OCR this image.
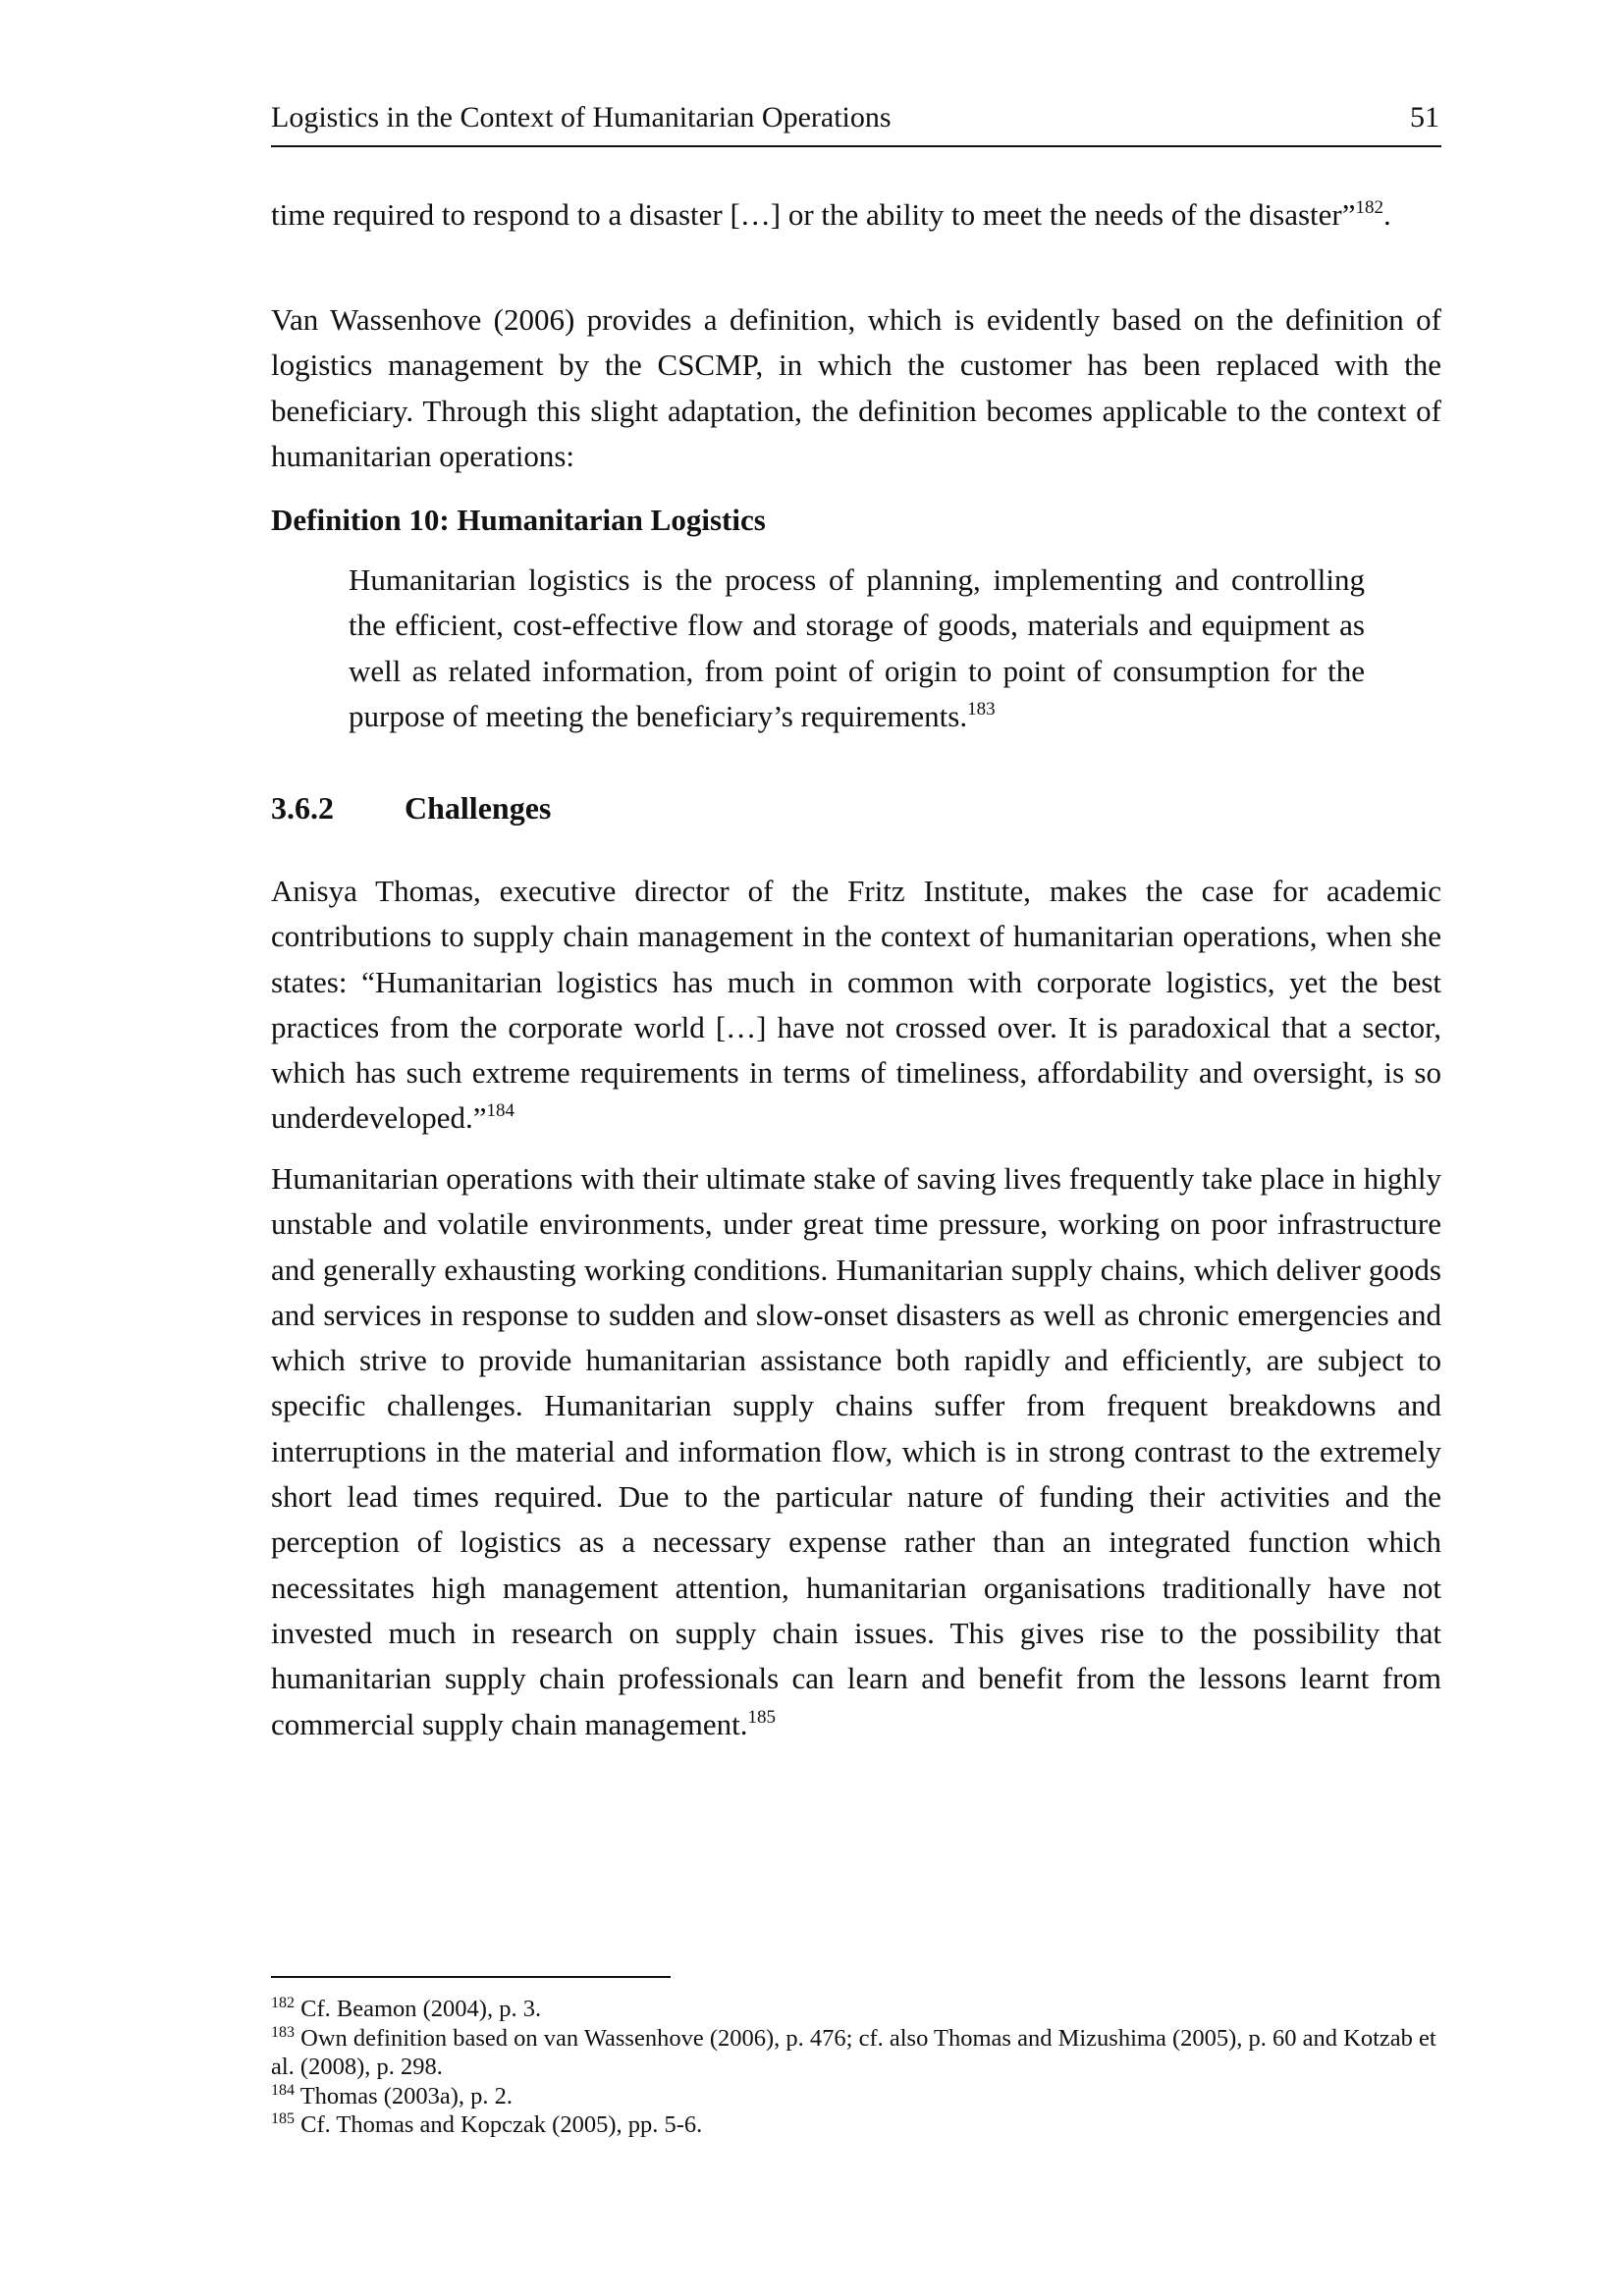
Logistics in the Context of Humanitarian Operations	51

time required to respond to a disaster […] or the ability to meet the needs of the disaster”$^{182}$.

Van Wassenhove (2006) provides a definition, which is evidently based on the definition of logistics management by the CSCMP, in which the customer has been replaced with the beneficiary. Through this slight adaptation, the definition becomes applicable to the context of humanitarian operations:

Definition 10: Humanitarian Logistics

Humanitarian logistics is the process of planning, implementing and controlling the efficient, cost-effective flow and storage of goods, materials and equipment as well as related information, from point of origin to point of consumption for the purpose of meeting the beneficiary’s requirements.$^{183}$

3.6.2 Challenges

Anisya Thomas, executive director of the Fritz Institute, makes the case for academic contributions to supply chain management in the context of humanitarian operations, when she states: “Humanitarian logistics has much in common with corporate logistics, yet the best practices from the corporate world […] have not crossed over. It is paradoxical that a sector, which has such extreme requirements in terms of timeliness, affordability and oversight, is so underdeveloped.”$^{184}$

Humanitarian operations with their ultimate stake of saving lives frequently take place in highly unstable and volatile environments, under great time pressure, working on poor infrastructure and generally exhausting working conditions. Humanitarian supply chains, which deliver goods and services in response to sudden and slow-onset disasters as well as chronic emergencies and which strive to provide humanitarian assistance both rapidly and efficiently, are subject to specific challenges. Humanitarian supply chains suffer from frequent breakdowns and interruptions in the material and information flow, which is in strong contrast to the extremely short lead times required. Due to the particular nature of funding their activities and the perception of logistics as a necessary expense rather than an integrated function which necessitates high management attention, humanitarian organisations traditionally have not invested much in research on supply chain issues. This gives rise to the possibility that humanitarian supply chain professionals can learn and benefit from the lessons learnt from commercial supply chain management.$^{185}$

$^{182}$ Cf. Beamon (2004), p. 3.

$^{183}$ Own definition based on van Wassenhove (2006), p. 476; cf. also Thomas and Mizushima (2005), p. 60 and Kotzab et al. (2008), p. 298.

$^{184}$ Thomas (2003a), p. 2.

$^{185}$ Cf. Thomas and Kopczak (2005), pp. 5-6.
